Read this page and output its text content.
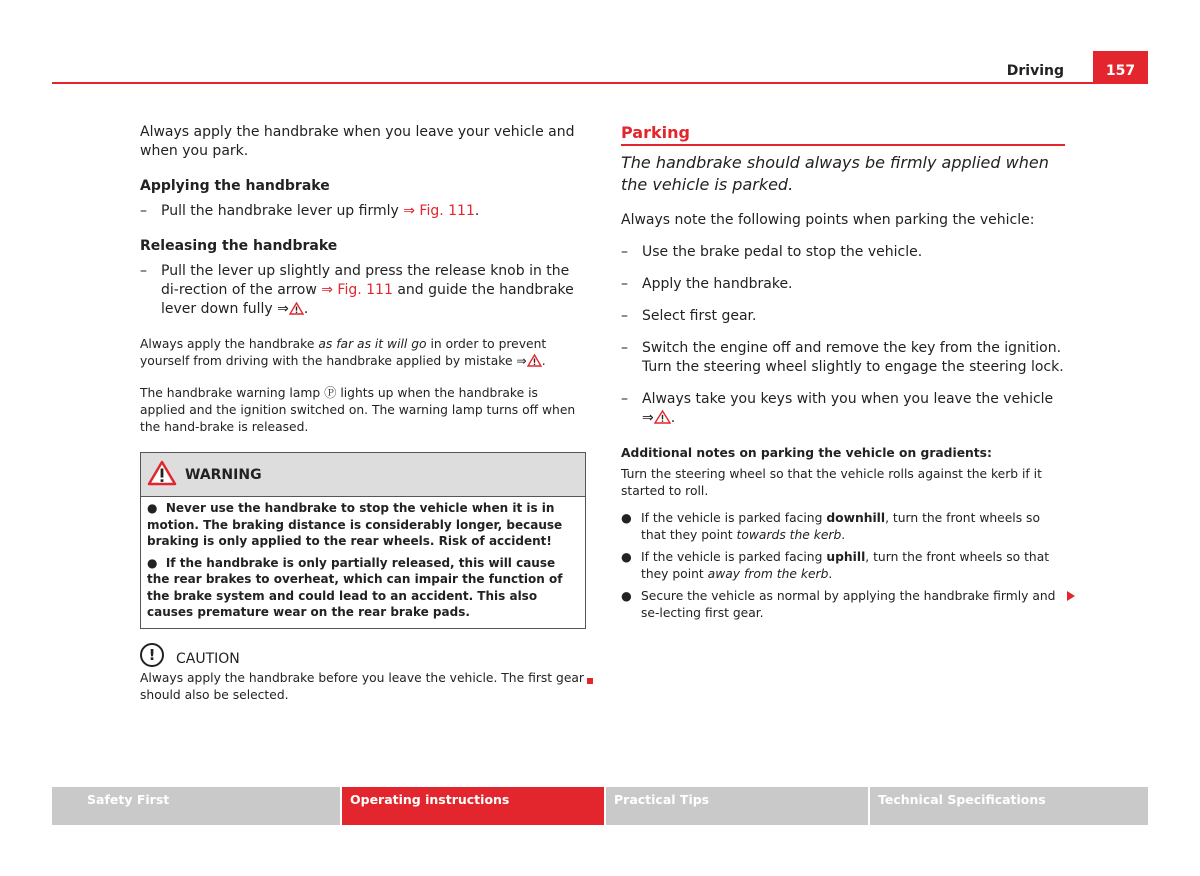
Driving	157

Always apply the handbrake when you leave your vehicle and when you park.

Applying the handbrake

– Pull the handbrake lever up firmly ⇒ Fig. 111.

Releasing the handbrake

– Pull the lever up slightly and press the release knob in the di-rection of the arrow ⇒ Fig. 111 and guide the handbrake lever down fully ⇒ .

Always apply the handbrake as far as it will go in order to prevent yourself from driving with the handbrake applied by mistake ⇒ .

The handbrake warning lamp Ⓟ lights up when the handbrake is applied and the ignition switched on. The warning lamp turns off when the hand-brake is released.

WARNING

● Never use the handbrake to stop the vehicle when it is in motion. The braking distance is considerably longer, because braking is only applied to the rear wheels. Risk of accident!

● If the handbrake is only partially released, this will cause the rear brakes to overheat, which can impair the function of the brake system and could lead to an accident. This also causes premature wear on the rear brake pads.

!	CAUTION

Always apply the handbrake before you leave the vehicle. The first gear should also be selected.

Parking

The handbrake should always be firmly applied when the vehicle is parked.

Always note the following points when parking the vehicle:

– Use the brake pedal to stop the vehicle.
– Apply the handbrake.
– Select first gear.
– Switch the engine off and remove the key from the ignition. Turn the steering wheel slightly to engage the steering lock.
– Always take you keys with you when you leave the vehicle ⇒ .

Additional notes on parking the vehicle on gradients:

Turn the steering wheel so that the vehicle rolls against the kerb if it started to roll.

● If the vehicle is parked facing downhill, turn the front wheels so that they point towards the kerb.
● If the vehicle is parked facing uphill, turn the front wheels so that they point away from the kerb.
● Secure the vehicle as normal by applying the handbrake firmly and se-lecting first gear.
Safety First	Operating instructions	Practical Tips	Technical Specifications
